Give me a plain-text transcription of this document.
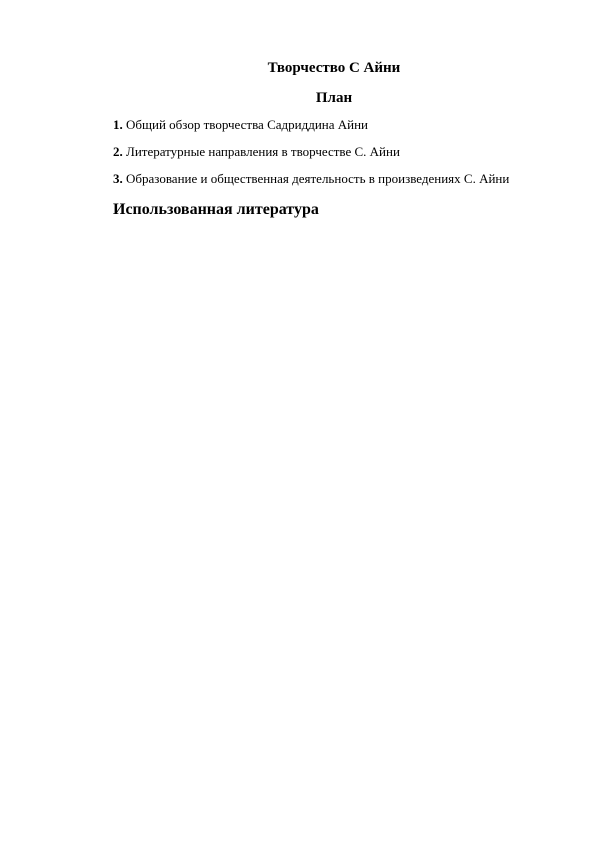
Творчество С Айни
План
1. Общий обзор творчества Садриддина Айни
2. Литературные направления в творчестве С. Айни
3. Образование и общественная деятельность в произведениях С. Айни
Использованная литература
